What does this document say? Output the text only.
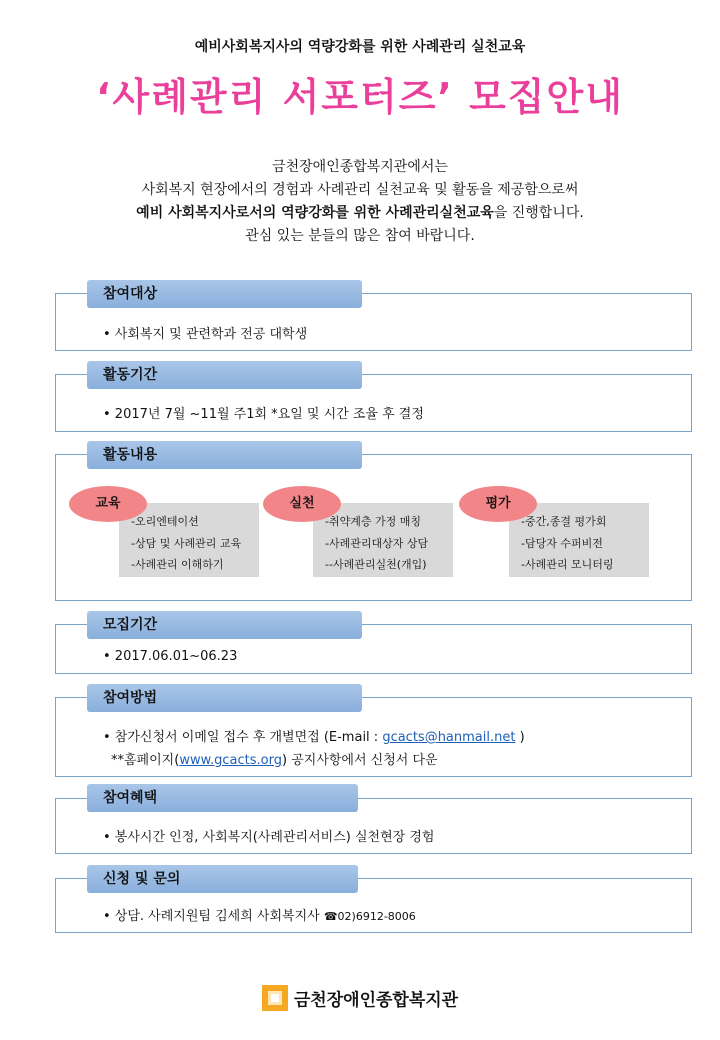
예비사회복지사의 역량강화를 위한 사례관리 실천교육
‘사례관리 서포터즈’ 모집안내
금천장애인종합복지관에서는
사회복지 현장에서의 경험과 사례관리 실천교육 및 활동을 제공함으로써
예비 사회복지사로서의 역량강화를 위한 사례관리실천교육을 진행합니다.
관심 있는 분들의 많은 참여 바랍니다.
참여대상
• 사회복지 및 관련학과 전공 대학생
활동기간
• 2017년 7월 ~11월 주1회 *요일 및 시간 조율 후 결정
활동내용
-오리엔테이션
-상담 및 사례관리 교육
-사례관리 이해하기
교육
-취약계층 가정 매칭
-사례관리대상자 상담
--사례관리실천(개입)
실천
-중간,종결 평가회
-담당자 수퍼비전
-사례관리 모니터링
평가
모집기간
• 2017.06.01~06.23
참여방법
• 참가신청서 이메일 접수 후 개별면접 (E-mail : gcacts@hanmail.net )
**홈페이지(www.gcacts.org) 공지사항에서 신청서 다운
참여혜택
• 봉사시간 인정, 사회복지(사례관리서비스) 실천현장 경험
신청 및 문의
• 상담. 사례지원팀 김세희 사회복지사 ☎02)6912-8006
금천장애인종합복지관
